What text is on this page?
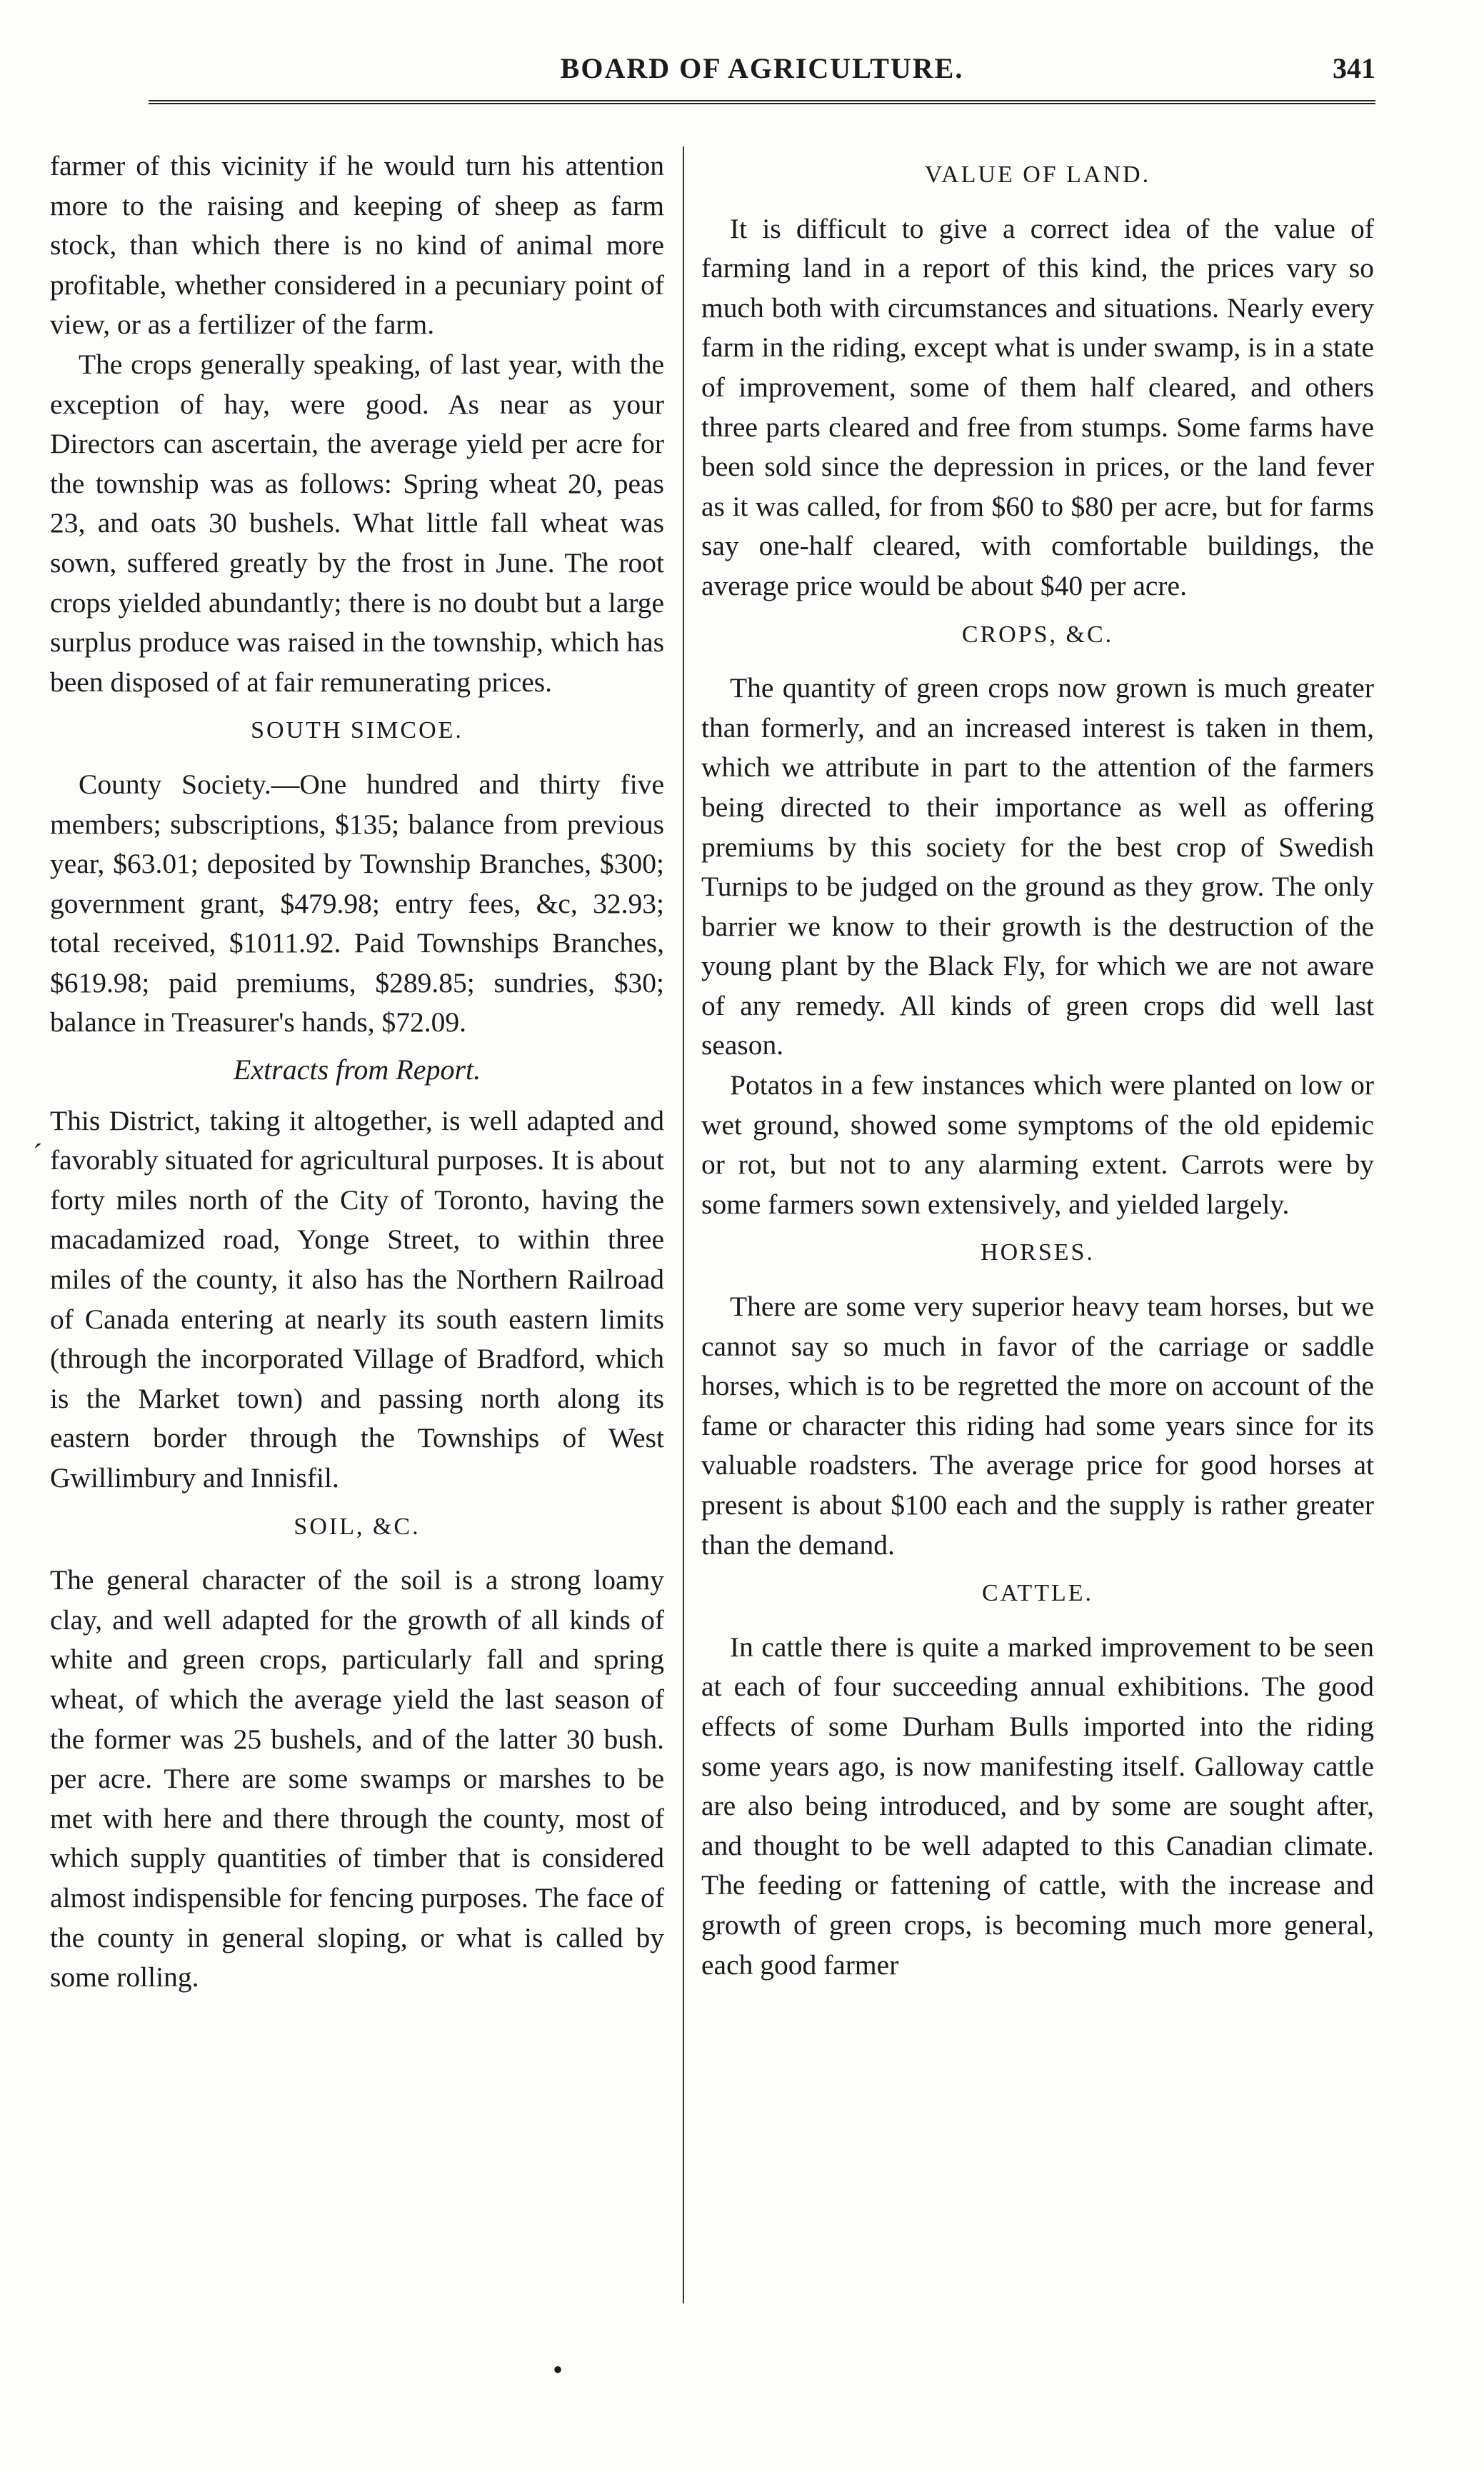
BOARD OF AGRICULTURE.	341

farmer of this vicinity if he would turn his attention more to the raising and keeping of sheep as farm stock, than which there is no kind of animal more profitable, whether considered in a pecuniary point of view, or as a fertilizer of the farm.

The crops generally speaking, of last year, with the exception of hay, were good. As near as your Directors can ascertain, the average yield per acre for the township was as follows: Spring wheat 20, peas 23, and oats 30 bushels. What little fall wheat was sown, suffered greatly by the frost in June. The root crops yielded abundantly; there is no doubt but a large surplus produce was raised in the township, which has been disposed of at fair remunerating prices.

SOUTH SIMCOE.

County Society.—One hundred and thirty five members; subscriptions, $135; balance from previous year, $63.01; deposited by Township Branches, $300; government grant, $479.98; entry fees, &c, 32.93; total received, $1011.92. Paid Townships Branches, $619.98; paid premiums, $289.85; sundries, $30; balance in Treasurer's hands, $72.09.

Extracts from Report.

This District, taking it altogether, is well adapted and favorably situated for agricultural purposes. It is about forty miles north of the City of Toronto, having the macadamized road, Yonge Street, to within three miles of the county, it also has the Northern Railroad of Canada entering at nearly its south eastern limits (through the incorporated Village of Bradford, which is the Market town) and passing north along its eastern border through the Townships of West Gwillimbury and Innisfil.

SOIL, &C.

The general character of the soil is a strong loamy clay, and well adapted for the growth of all kinds of white and green crops, particularly fall and spring wheat, of which the average yield the last season of the former was 25 bushels, and of the latter 30 bush. per acre. There are some swamps or marshes to be met with here and there through the county, most of which supply quantities of timber that is considered almost indispensible for fencing purposes. The face of the county in general sloping, or what is called by some rolling.

VALUE OF LAND.

It is difficult to give a correct idea of the value of farming land in a report of this kind, the prices vary so much both with circumstances and situations. Nearly every farm in the riding, except what is under swamp, is in a state of improvement, some of them half cleared, and others three parts cleared and free from stumps. Some farms have been sold since the depression in prices, or the land fever as it was called, for from $60 to $80 per acre, but for farms say one-half cleared, with comfortable buildings, the average price would be about $40 per acre.

CROPS, &C.

The quantity of green crops now grown is much greater than formerly, and an increased interest is taken in them, which we attribute in part to the attention of the farmers being directed to their importance as well as offering premiums by this society for the best crop of Swedish Turnips to be judged on the ground as they grow. The only barrier we know to their growth is the destruction of the young plant by the Black Fly, for which we are not aware of any remedy. All kinds of green crops did well last season.

Potatos in a few instances which were planted on low or wet ground, showed some symptoms of the old epidemic or rot, but not to any alarming extent. Carrots were by some farmers sown extensively, and yielded largely.

HORSES.

There are some very superior heavy team horses, but we cannot say so much in favor of the carriage or saddle horses, which is to be regretted the more on account of the fame or character this riding had some years since for its valuable roadsters. The average price for good horses at present is about $100 each and the supply is rather greater than the demand.

CATTLE.

In cattle there is quite a marked improvement to be seen at each of four succeeding annual exhibitions. The good effects of some Durham Bulls imported into the riding some years ago, is now manifesting itself. Galloway cattle are also being introduced, and by some are sought after, and thought to be well adapted to this Canadian climate. The feeding or fattening of cattle, with the increase and growth of green crops, is becoming much more general, each good farmer

ˊ
•
